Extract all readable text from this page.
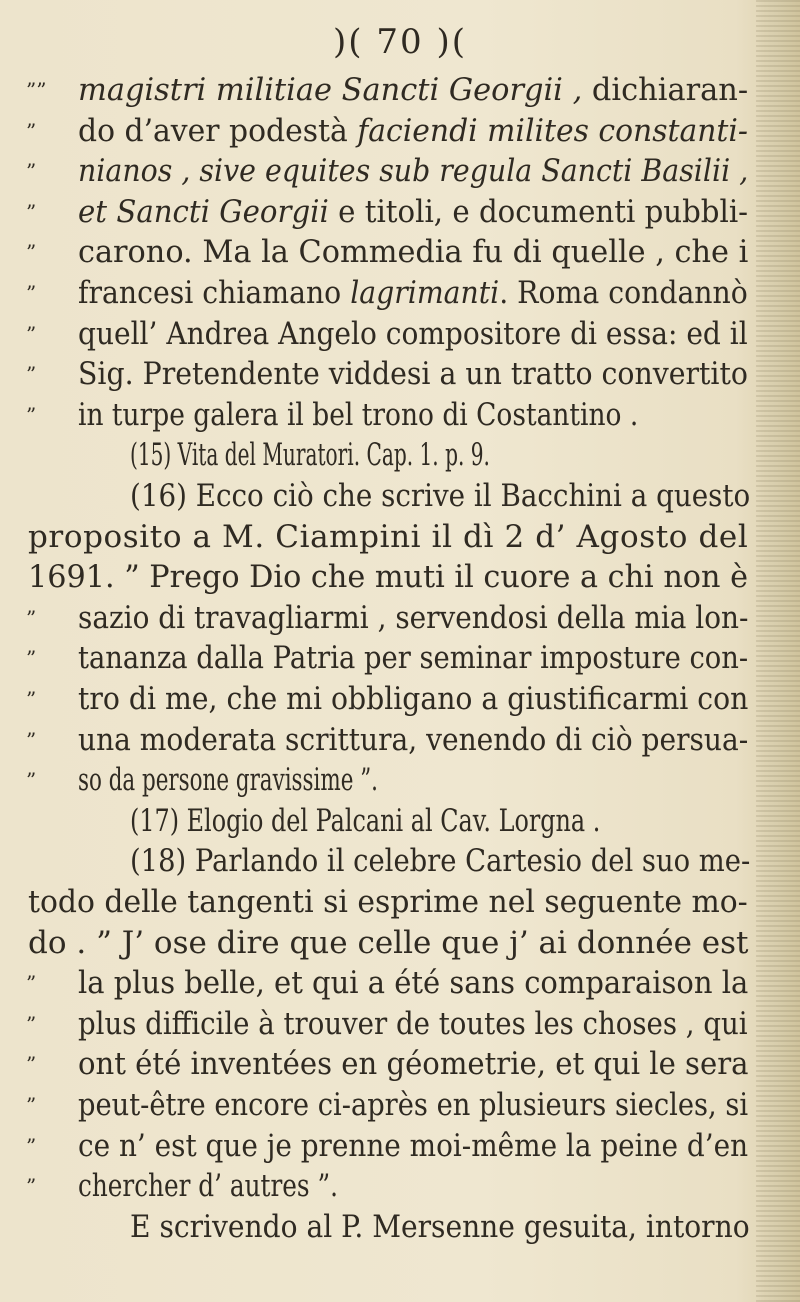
)( 70 )(
”” magistri militiae Sancti Georgii , dichiaran-
” do d’aver podestà faciendi milites constanti-
” nianos , sive equites sub regula Sancti Basilii ,
” et Sancti Georgii e titoli, e documenti pubbli-
” carono. Ma la Commedia fu di quelle , che i
” francesi chiamano lagrimanti. Roma condannò
” quell’ Andrea Angelo compositore di essa: ed il
” Sig. Pretendente viddesi a un tratto convertito
” in turpe galera il bel trono di Costantino .
(15) Vita del Muratori. Cap. 1. p. 9.
(16) Ecco ciò che scrive il Bacchini a questo
proposito a M. Ciampini il dì 2 d’ Agosto del
1691. ” Prego Dio che muti il cuore a chi non è
” sazio di travagliarmi , servendosi della mia lon-
” tananza dalla Patria per seminar imposture con-
” tro di me, che mi obbligano a giustificarmi con
” una moderata scrittura, venendo di ciò persua-
” so da persone gravissime ”.
(17) Elogio del Palcani al Cav. Lorgna .
(18) Parlando il celebre Cartesio del suo me-
todo delle tangenti si esprime nel seguente mo-
do . ” J’ ose dire que celle que j’ ai donnée est
” la plus belle, et qui a été sans comparaison la
” plus difficile à trouver de toutes les choses , qui
” ont été inventées en géometrie, et qui le sera
” peut-être encore ci-après en plusieurs siecles, si
” ce n’ est que je prenne moi-même la peine d’en
” chercher d’ autres ”.
E scrivendo al P. Mersenne gesuita, intorno
